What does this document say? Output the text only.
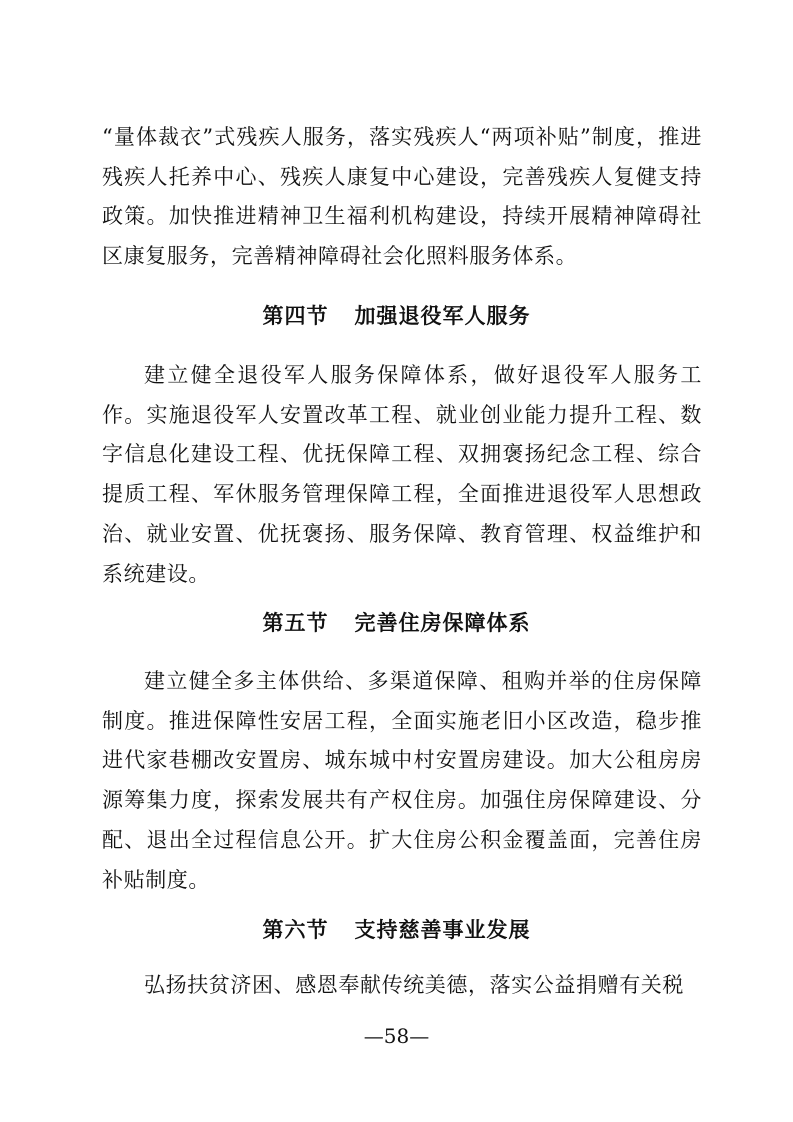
“量体裁衣”式残疾人服务，落实残疾人“两项补贴”制度，推进残疾人托养中心、残疾人康复中心建设，完善残疾人复健支持政策。加快推进精神卫生福利机构建设，持续开展精神障碍社区康复服务，完善精神障碍社会化照料服务体系。

第四节 加强退役军人服务

建立健全退役军人服务保障体系，做好退役军人服务工作。实施退役军人安置改革工程、就业创业能力提升工程、数字信息化建设工程、优抚保障工程、双拥褒扬纪念工程、综合提质工程、军休服务管理保障工程，全面推进退役军人思想政治、就业安置、优抚褒扬、服务保障、教育管理、权益维护和系统建设。

第五节 完善住房保障体系

建立健全多主体供给、多渠道保障、租购并举的住房保障制度。推进保障性安居工程，全面实施老旧小区改造，稳步推进代家巷棚改安置房、城东城中村安置房建设。加大公租房房源筹集力度，探索发展共有产权住房。加强住房保障建设、分配、退出全过程信息公开。扩大住房公积金覆盖面，完善住房补贴制度。

第六节 支持慈善事业发展

弘扬扶贫济困、感恩奉献传统美德，落实公益捐赠有关税

—58—
